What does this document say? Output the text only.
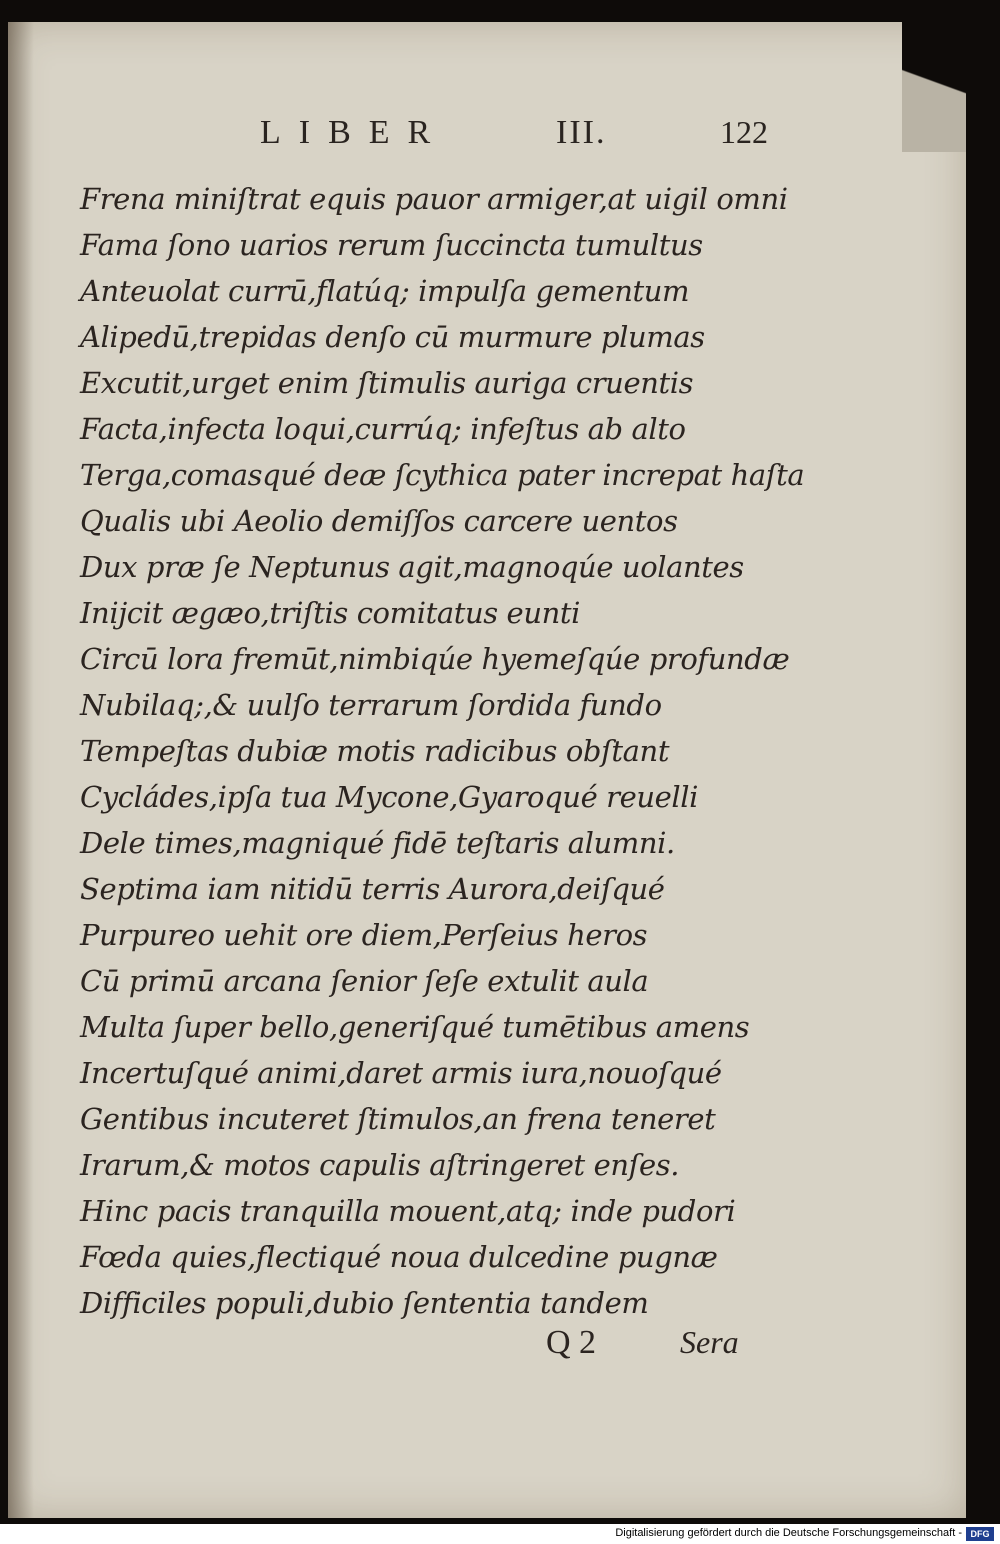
LIBER	III.	122
Frena miniſtrat equis pauor armiger,at uigil omni
Fama ſono uarios rerum ſuccincta tumultus
Anteuolat currū,flatúq; impulſa gementum
Alipedū,trepidas denſo cū murmure plumas
Excutit,urget enim ſtimulis auriga cruentis
Facta,infecta loqui,currúq; infeſtus ab alto
Terga,comasqué deæ ſcythica pater increpat haſta
Qualis ubi Aeolio demiſſos carcere uentos
Dux præ ſe Neptunus agit,magnoqúe uolantes
Inijcit ægæo,triſtis comitatus eunti
Circū lora fremūt,nimbiqúe hyemeſqúe profundæ
Nubilaq;,& uulſo terrarum ſordida fundo
Tempeſtas dubiæ motis radicibus obſtant
Cycládes,ipſa tua Mycone,Gyaroqué reuelli
Dele times,magniqué fidē teſtaris alumni.
Septima iam nitidū terris Aurora,deiſqué
Purpureo uehit ore diem,Perſeius heros
Cū primū arcana ſenior ſeſe extulit aula
Multa ſuper bello,generiſqué tumētibus amens
Incertuſqué animi,daret armis iura,nouoſqué
Gentibus incuteret ſtimulos,an frena teneret
Irarum,& motos capulis aſtringeret enſes.
Hinc pacis tranquilla mouent,atq; inde pudori
Fœda quies,flectiqué noua dulcedine pugnæ
Difficiles populi,dubio ſententia tandem
Q 2	Sera
Digitalisierung gefördert durch die Deutsche Forschungsgemeinschaft - DFG
